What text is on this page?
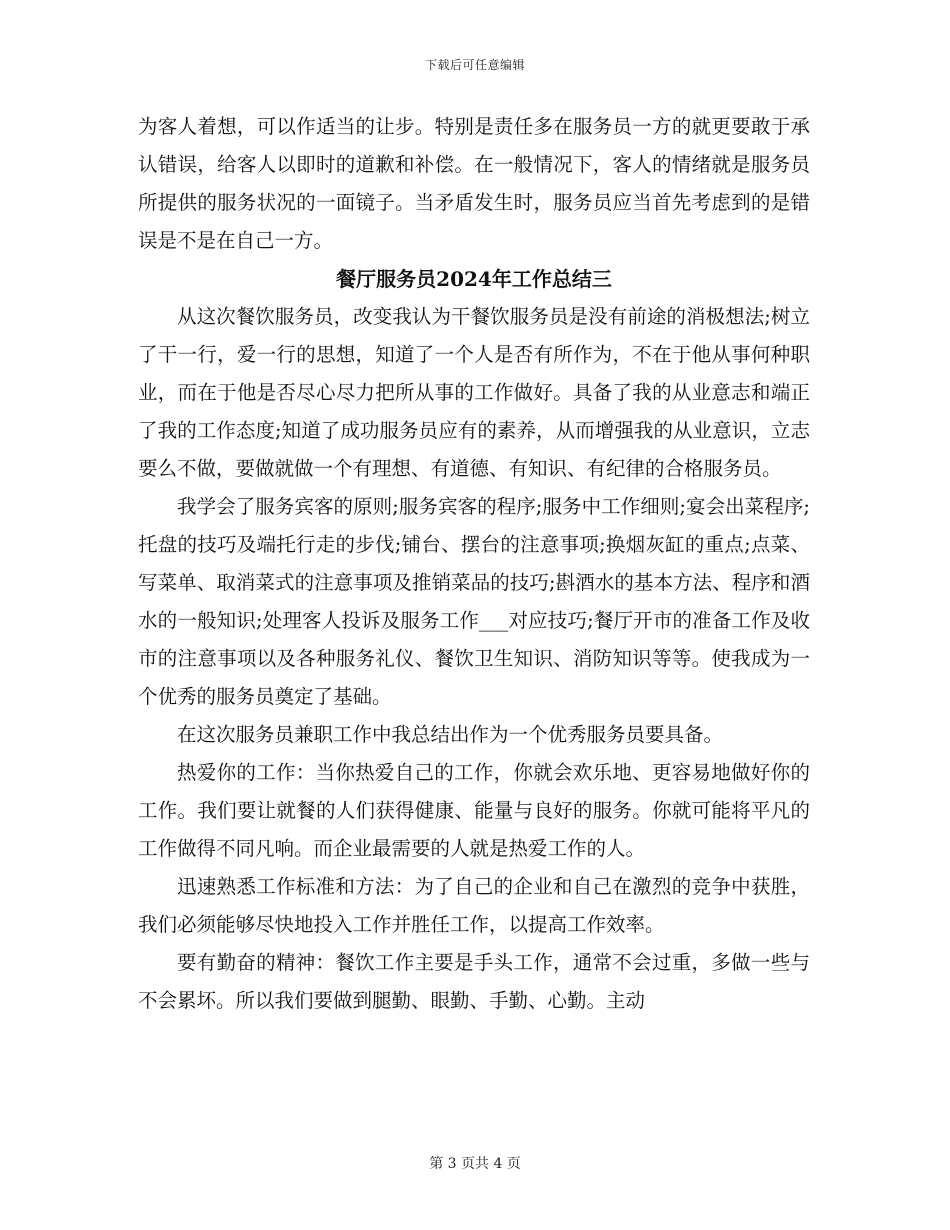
下载后可任意编辑

为客人着想，可以作适当的让步。特别是责任多在服务员一方的就更要敢于承认错误，给客人以即时的道歉和补偿。在一般情况下，客人的情绪就是服务员所提供的服务状况的一面镜子。当矛盾发生时，服务员应当首先考虑到的是错误是不是在自己一方。

餐厅服务员2024年工作总结三

从这次餐饮服务员，改变我认为干餐饮服务员是没有前途的消极想法;树立了干一行，爱一行的思想，知道了一个人是否有所作为，不在于他从事何种职业，而在于他是否尽心尽力把所从事的工作做好。具备了我的从业意志和端正了我的工作态度;知道了成功服务员应有的素养，从而增强我的从业意识，立志要么不做，要做就做一个有理想、有道德、有知识、有纪律的合格服务员。

我学会了服务宾客的原则;服务宾客的程序;服务中工作细则;宴会出菜程序;托盘的技巧及端托行走的步伐;铺台、摆台的注意事项;换烟灰缸的重点;点菜、写菜单、取消菜式的注意事项及推销菜品的技巧;斟酒水的基本方法、程序和酒水的一般知识;处理客人投诉及服务工作___对应技巧;餐厅开市的准备工作及收市的注意事项以及各种服务礼仪、餐饮卫生知识、消防知识等等。使我成为一个优秀的服务员奠定了基础。

在这次服务员兼职工作中我总结出作为一个优秀服务员要具备。

热爱你的工作：当你热爱自己的工作，你就会欢乐地、更容易地做好你的工作。我们要让就餐的人们获得健康、能量与良好的服务。你就可能将平凡的工作做得不同凡响。而企业最需要的人就是热爱工作的人。

迅速熟悉工作标准和方法：为了自己的企业和自己在激烈的竞争中获胜，我们必须能够尽快地投入工作并胜任工作，以提高工作效率。

要有勤奋的精神：餐饮工作主要是手头工作，通常不会过重，多做一些与不会累坏。所以我们要做到腿勤、眼勤、手勤、心勤。主动

第 3 页共 4 页
